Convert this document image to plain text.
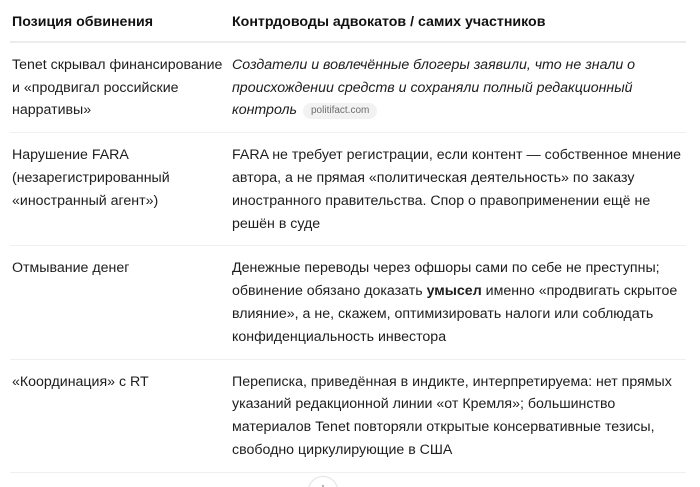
Позиция обвинения	Контрдоводы адвокатов / самих участников
Tenet скрывал финансирование и «продвигал российские нарративы»	Создатели и вовлечённые блогеры заявили, что не знали о происхождении средств и сохраняли полный редакционный контроль politifact.com
Нарушение FARA (незарегистрированный «иностранный агент»)	FARA не требует регистрации, если контент — собственное мнение автора, а не прямая «политическая деятельность» по заказу иностранного правительства. Спор о правоприменении ещё не решён в суде
Отмывание денег	Денежные переводы через офшоры сами по себе не преступны; обвинение обязано доказать умысел именно «продвигать скрытое влияние», а не, скажем, оптимизировать налоги или соблюдать конфиденциальность инвестора
«Координация» с RT	Переписка, приведённая в индикте, интерпретируема: нет прямых указаний редакционной линии «от Кремля»; большинство материалов Tenet повторяли открытые консервативные тезисы, свободно циркулирующие в США
